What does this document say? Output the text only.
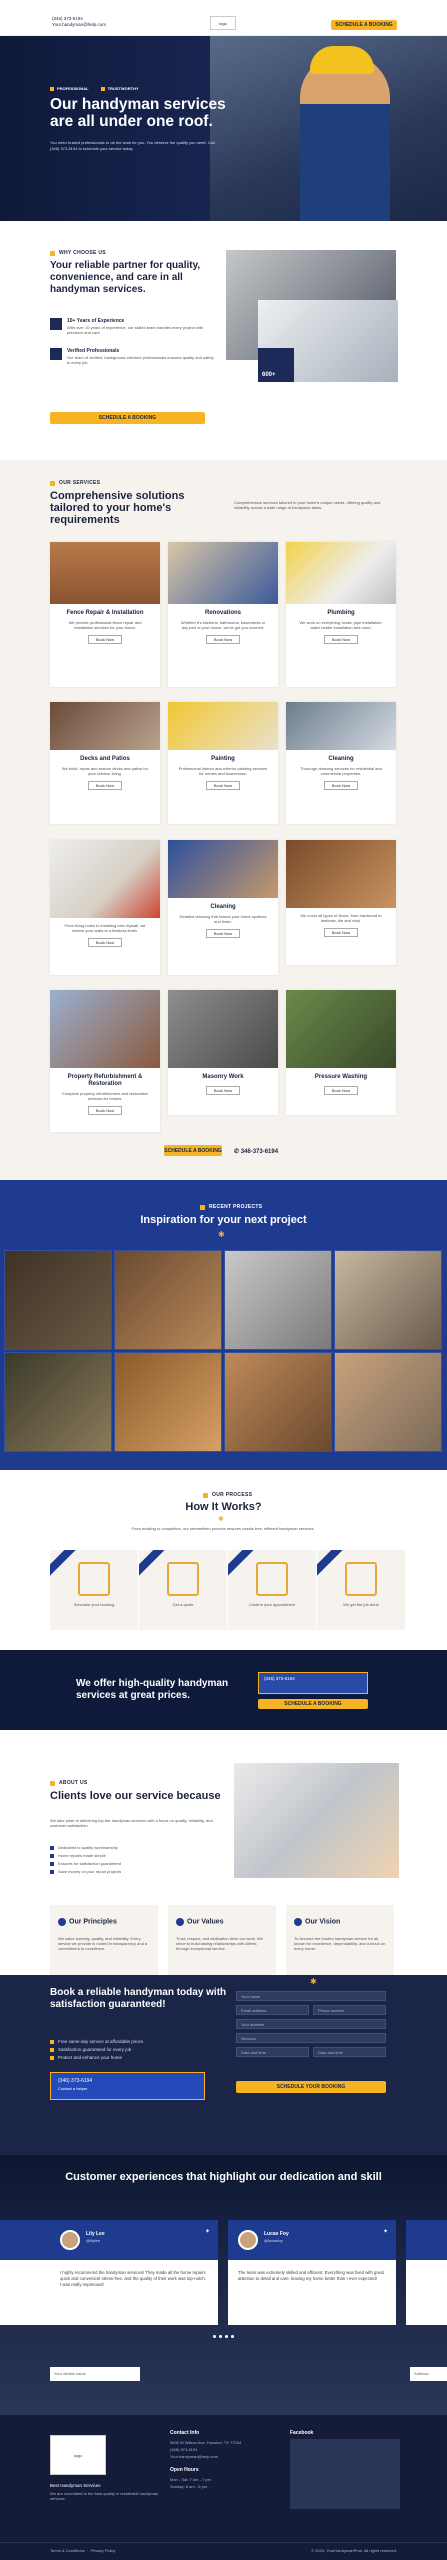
(346) 373-6194
Your.handyman@help.com	logo	SCHEDULE A BOOKING
PROFESSIONAL	TRUSTWORTHY
Our handyman services are all under one roof.
You need trusted professionals to do the work for you. You deserve the quality you need. Call (346) 373-6194 to schedule your service today.
WHY CHOOSE US
Your reliable partner for quality, convenience, and care in all handyman services.
10+ Years of Experience
With over 10 years of experience, our skilled team handles every project with precision and care.
Verified Professionals
Our team of verified, background-checked professionals ensures quality and safety in every job.
SCHEDULE A BOOKING
600+
OUR SERVICES
Comprehensive solutions tailored to your home's requirements
Comprehensive services tailored to your home's unique needs, offering quality and reliability across a wide range of handyman tasks.
Fence Repair & Installation
We provide professional fence repair and installation services for your home.
Book Now
Renovations
Whether it's kitchens, bathrooms, basements or any part of your house, we've got you covered.
Book Now
Plumbing
We work on everything: leaks, pipe installation, water heater installation and more.
Book Now
Decks and Patios
We build, repair and restore decks and patios for your outdoor living.
Book Now
Painting
Professional interior and exterior painting services for homes and businesses.
Book Now
Cleaning
Thorough cleaning services for residential and commercial properties.
Book Now
From fixing holes to installing new drywall, we restore your walls to a flawless finish.
Book Now
Cleaning
Detailed cleaning that leaves your home spotless and fresh.
Book Now
We cover all types of floors, from hardwood to laminate, tile and vinyl.
Book Now
Property Refurbishment & Restoration
Complete property refurbishment and restoration services for homes.
Book Now
Masonry Work
Book Now
Pressure Washing
Book Now
SCHEDULE A BOOKING ✆ 346-373-6194
RECENT PROJECTS
Inspiration for your next project
✱
OUR PROCESS
How It Works?
✱
From booking to completion, our streamlined process ensures hassle-free, efficient handyman services.
Schedule your booking	Get a quote	Confirm your appointment	We get the job done
We offer high-quality handyman services at great prices.
(346) 373-6194
SCHEDULE A BOOKING
ABOUT US
Clients love our service because
We take pride in delivering top-tier handyman services with a focus on quality, reliability, and customer satisfaction.
Dedicated to quality workmanship
Home repairs made simple
Ensures for satisfaction guaranteed
Save money on your repair projects
Our Principles
We value honesty, quality, and reliability. Every service we provide is rooted in transparency and a commitment to excellence.
Our Values
Trust, respect, and dedication drive our work. We strive to build lasting relationships with clients through exceptional service.
Our Vision
To become the trusted handyman service for all, known for excellence, dependability, and a focus on every home.
Book a reliable handyman today with satisfaction guaranteed!
Free same-day service at affordable prices
Satisfaction guaranteed for every job
Protect and enhance your home
(346) 373-6194
Contact a helper
✱
Your name
Email address	Phone number
Your address
Services
Date and time	Date and time
SCHEDULE YOUR BOOKING
Customer experiences that highlight our dedication and skill
Lily Lee
@lilylee
✦
I highly recommend the handyman services! They made all the home repairs quick and convenient stress-free, and the quality of their work was top-notch. I was really impressed!
Lucas Foy
@lucasfoy
✦
The team was extremely skilled and efficient. Everything was fixed with great attention to detail and care, leaving my home better than I ever expected!
Your details name	Address
logo
Best Handyman Services
We are committed to the best quality in residential handyman services.
Contact Info
9635 W Wilson Ave, Houston, TX 77034
(346) 373-6194
Your.handyman@help.com
Open Hours
Mon - Sat: 7 am - 7 pm
Sunday: 8 am - 5 pm
Facebook
Terms & Conditions  ·  Privacy Policy	© 2024, YourHandymanPros. All rights reserved.
